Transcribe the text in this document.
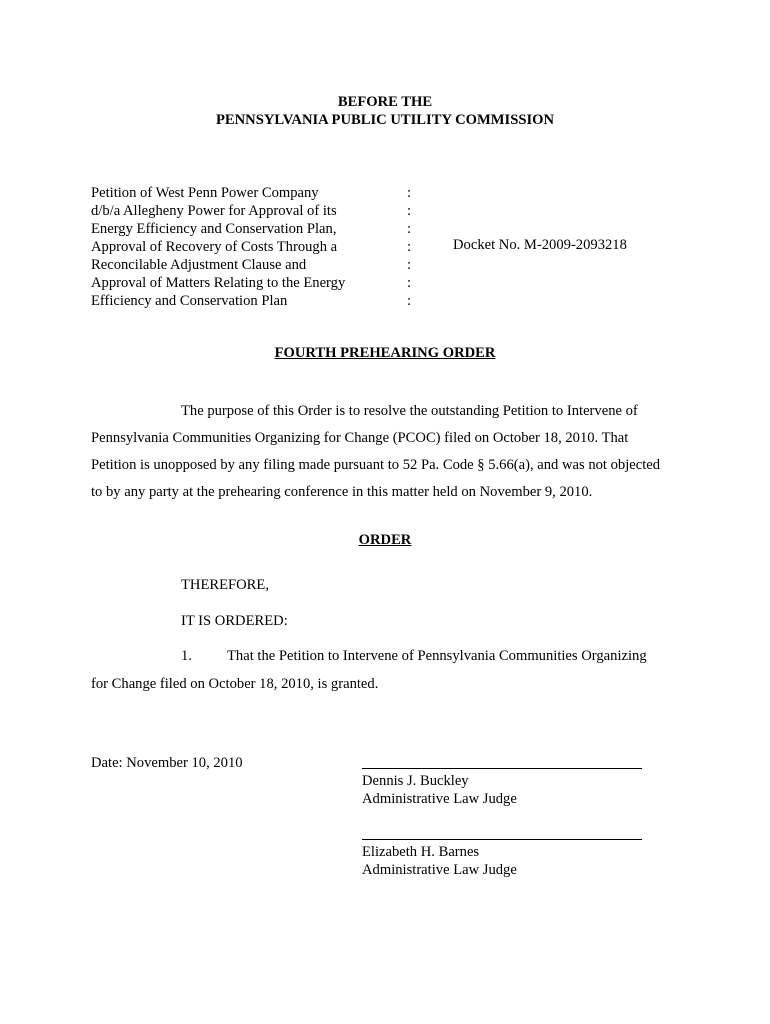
BEFORE THE
PENNSYLVANIA PUBLIC UTILITY COMMISSION
Petition of West Penn Power Company
d/b/a Allegheny Power for Approval of its
Energy Efficiency and Conservation Plan,
Approval of Recovery of Costs Through a
Reconcilable Adjustment Clause and
Approval of Matters Relating to the Energy
Efficiency and Conservation Plan
:
:
:
:
:
:
:
Docket No. M-2009-2093218
FOURTH PREHEARING ORDER
The purpose of this Order is to resolve the outstanding Petition to Intervene of
Pennsylvania Communities Organizing for Change (PCOC) filed on October 18, 2010. That
Petition is unopposed by any filing made pursuant to 52 Pa. Code § 5.66(a), and was not objected
to by any party at the prehearing conference in this matter held on November 9, 2010.
ORDER
THEREFORE,
IT IS ORDERED:
1. That the Petition to Intervene of Pennsylvania Communities Organizing
for Change filed on October 18, 2010, is granted.
Date: November 10, 2010
Dennis J. Buckley
Administrative Law Judge
Elizabeth H. Barnes
Administrative Law Judge
